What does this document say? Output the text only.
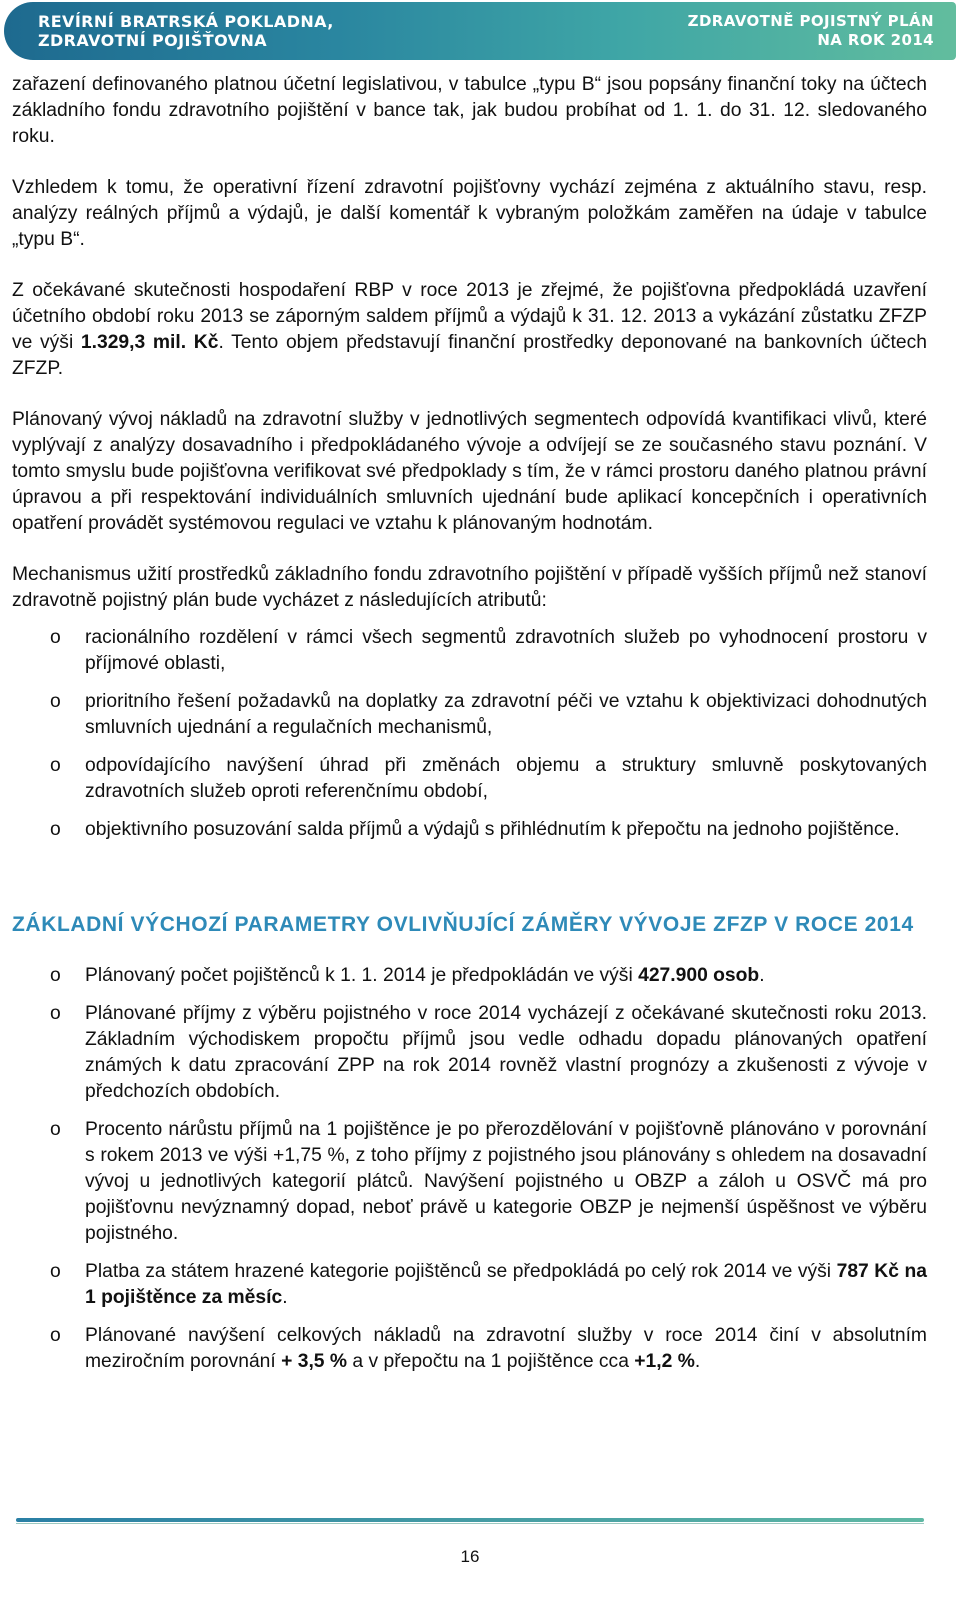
REVÍRNÍ BRATRSKÁ POKLADNA,
ZDRAVOTNÍ POJIŠŤOVNA
ZDRAVOTNĚ POJISTNÝ PLÁN
NA ROK 2014

zařazení definovaného platnou účetní legislativou, v tabulce „typu B“ jsou popsány finanční toky na účtech základního fondu zdravotního pojištění v bance tak, jak budou probíhat od 1. 1. do 31. 12. sledovaného roku.

Vzhledem k tomu, že operativní řízení zdravotní pojišťovny vychází zejména z aktuálního stavu, resp. analýzy reálných příjmů a výdajů, je další komentář k vybraným položkám zaměřen na údaje v tabulce „typu B“.

Z očekávané skutečnosti hospodaření RBP v roce 2013 je zřejmé, že pojišťovna předpokládá uzavření účetního období roku 2013 se záporným saldem příjmů a výdajů k 31. 12. 2013 a vykázání zůstatku ZFZP ve výši 1.329,3 mil. Kč. Tento objem představují finanční prostředky deponované na bankovních účtech ZFZP.

Plánovaný vývoj nákladů na zdravotní služby v jednotlivých segmentech odpovídá kvantifikaci vlivů, které vyplývají z analýzy dosavadního i předpokládaného vývoje a odvíjejí se ze současného stavu poznání. V tomto smyslu bude pojišťovna verifikovat své předpoklady s tím, že v rámci prostoru daného platnou právní úpravou a při respektování individuálních smluvních ujednání bude aplikací koncepčních i operativních opatření provádět systémovou regulaci ve vztahu k plánovaným hodnotám.

Mechanismus užití prostředků základního fondu zdravotního pojištění v případě vyšších příjmů než stanoví zdravotně pojistný plán bude vycházet z následujících atributů:

o	racionálního rozdělení v rámci všech segmentů zdravotních služeb po vyhodnocení prostoru v příjmové oblasti,
o	prioritního řešení požadavků na doplatky za zdravotní péči ve vztahu k objektivizaci dohodnutých smluvních ujednání a regulačních mechanismů,
o	odpovídajícího navýšení úhrad při změnách objemu a struktury smluvně poskytovaných zdravotních služeb oproti referenčnímu období,
o	objektivního posuzování salda příjmů a výdajů s přihlédnutím k přepočtu na jednoho pojištěnce.
ZÁKLADNÍ VÝCHOZÍ PARAMETRY OVLIVŇUJÍCÍ ZÁMĚRY VÝVOJE ZFZP V ROCE 2014
o	Plánovaný počet pojištěnců k 1. 1. 2014 je předpokládán ve výši 427.900 osob.
o	Plánované příjmy z výběru pojistného v roce 2014 vycházejí z očekávané skutečnosti roku 2013. Základním východiskem propočtu příjmů jsou vedle odhadu dopadu plánovaných opatření známých k datu zpracování ZPP na rok 2014 rovněž vlastní prognózy a zkušenosti z vývoje v předchozích obdobích.
o	Procento nárůstu příjmů na 1 pojištěnce je po přerozdělování v pojišťovně plánováno v porovnání s rokem 2013 ve výši +1,75 %, z toho příjmy z pojistného jsou plánovány s ohledem na dosavadní vývoj u jednotlivých kategorií plátců. Navýšení pojistného u OBZP a záloh u OSVČ má pro pojišťovnu nevýznamný dopad, neboť právě u kategorie OBZP je nejmenší úspěšnost ve výběru pojistného.
o	Platba za státem hrazené kategorie pojištěnců se předpokládá po celý rok 2014 ve výši 787 Kč na 1 pojištěnce za měsíc.
o	Plánované navýšení celkových nákladů na zdravotní služby v roce 2014 činí v absolutním meziročním porovnání + 3,5 % a v přepočtu na 1 pojištěnce cca +1,2 %.
16
